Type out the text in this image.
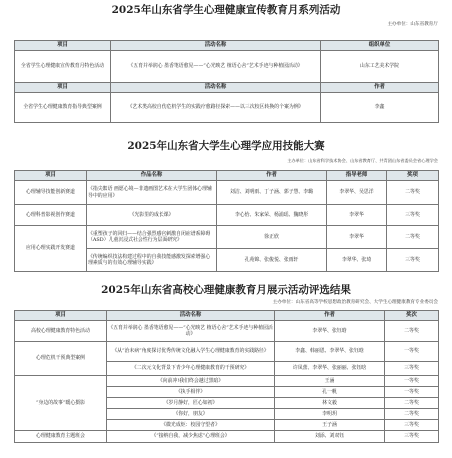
2025年山东省学生心理健康宣传教育月系列活动
主办单位：山东省教育厅
项目	活动名称	组织单位
全省学生心理健康宣传教育月特色活动	《五育并举润心 墨香笔语愈见——“心光映艺 植语心舍”艺术手迹与种植园活动》	山东工艺美术学院
项目	活动名称	作者
全省学生心理健康教育指导典型案例	《艺术类高校自伤危机学生的实践疗愈路径探索——以三次校区转换的个案为例》	李鑫
2025年山东省大学生心理学应用技能大赛
主办单位：山东省科学技术协会、山东省教育厅、共青团山东省委员会省心理学会
项目	作品名称	作者	指导老师	奖项
心理辅导技能创新赛道	《指尖絮语 画愿心境—非遗画图艺术在大学生团体心理辅导中的应用》	刘洁、刘明雨、丁子涵、郭子慧、李璐	李翠华、吴思洋	二等奖
心理科普影视创作赛道	《光影里的成长课》	李心怡、朱家荣、杨浦瑶、魏晓彤	李翠华	三等奖
应用心理实践开发赛道	《重塑孩子的回归——结合强烈感官刺激自闭症谱系障碍（ASD）儿童沉浸式社会性行为层面研究》	徐正欣	李翠华	二等奖
	《传统编织技法构建过程中的自我技能感激发探索增强心理素质与的有效心理辅导实践》	孔苑锦、张俊悦、张雨轩	李翠华、张琦	三等奖
2025年山东省高校心理健康教育月展示活动评选结果
主办单位：山东省高等学校思想政治教育研究会、大学生心理健康教育专业委员会
项目	活动名称	作者	奖次
高校心理健康教育特色活动	《五育并举润心 墨香笔语愈见——“心光映艺 植语心舍”艺术手迹与种植园活动》	李翠华、张钰晗	二等奖
心理危机干预典型案例	《从“治未病”角度探讨优秀传统文化融入学生心理健康教育的实践路径》	李鑫、韩丽恩、李翠华、张钰晗	一等奖
	《二次元文化背景下青少年心理健康教育的干预研究》	许凤蕾、李翠华、张丽丽、张钰晗	三等奖
“身边的故事”暖心摄影	《向前冲!我们终会越过黑暗》	王涵	一等奖
	《执手相伴》	孔一帆	一等奖
	《岁月静好，匠心如初》	林文毅	二等奖
	《你好，朋友》	李明玥	二等奖
	《微光成炬：校园守望者》	王子涵	三等奖
心理健康教育主题班会	《“接纳自我，减少焦虑”心理班会》	刘添、刘双钰	三等奖
